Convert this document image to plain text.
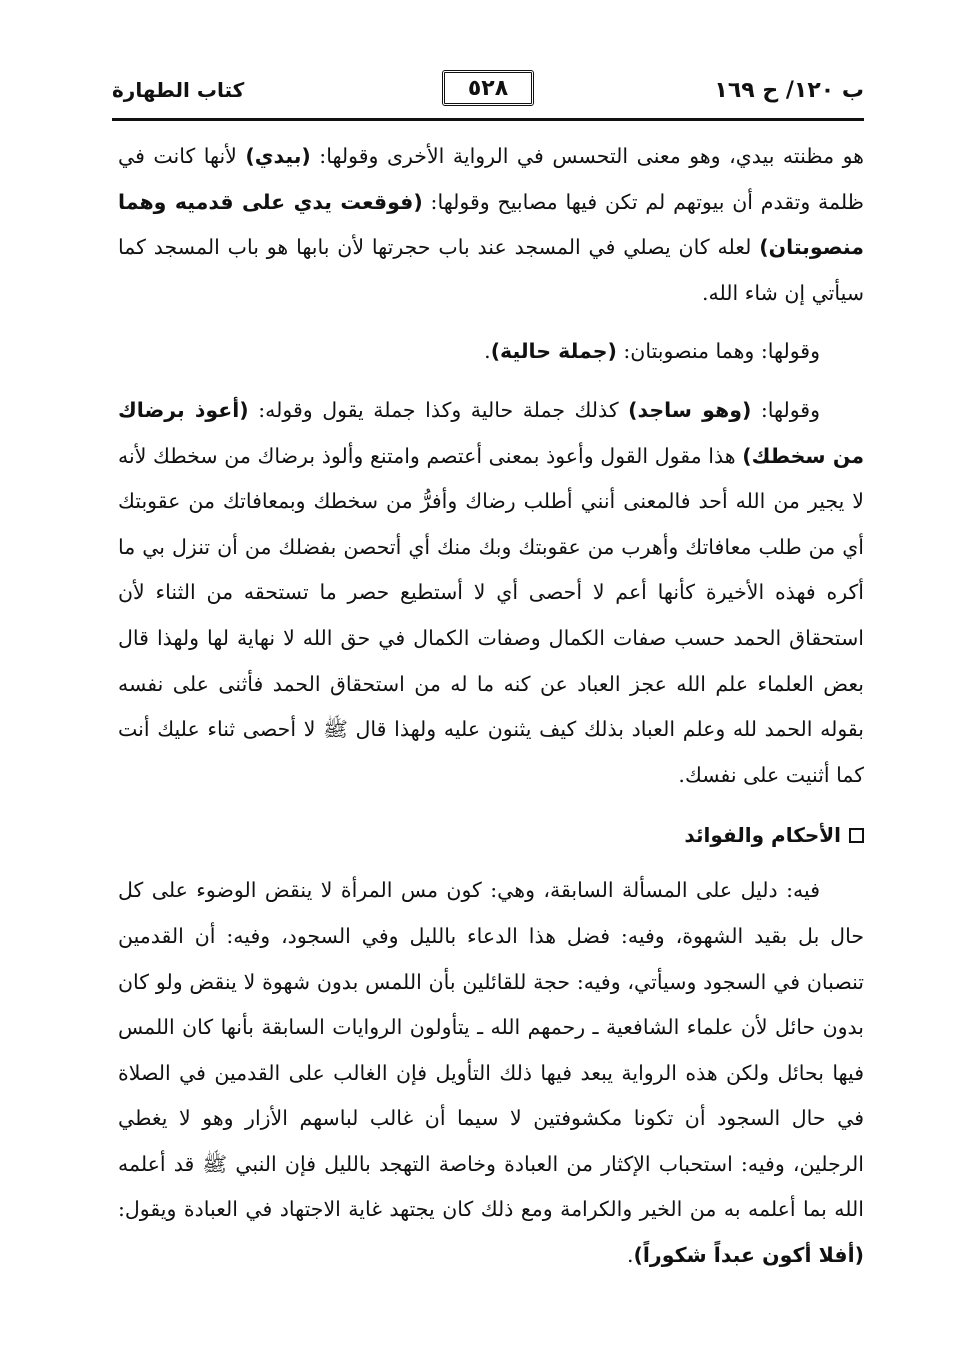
ب ١٢٠/ ح ١٦٩
٥٢٨
كتاب الطهارة

هو مظنته بيدي، وهو معنى التحسس في الرواية الأخرى وقولها: (بيدي) لأنها كانت في ظلمة وتقدم أن بيوتهم لم تكن فيها مصابيح وقولها: (فوقعت يدي على قدميه وهما منصوبتان) لعله كان يصلي في المسجد عند باب حجرتها لأن بابها هو باب المسجد كما سيأتي إن شاء الله.

وقولها: وهما منصوبتان: (جملة حالية).

وقولها: (وهو ساجد) كذلك جملة حالية وكذا جملة يقول وقوله: (أعوذ برضاك من سخطك) هذا مقول القول وأعوذ بمعنى أعتصم وامتنع وألوذ برضاك من سخطك لأنه لا يجير من الله أحد فالمعنى أنني أطلب رضاك وأفرُّ من سخطك وبمعافاتك من عقوبتك أي من طلب معافاتك وأهرب من عقوبتك وبك منك أي أتحصن بفضلك من أن تنزل بي ما أكره فهذه الأخيرة كأنها أعم لا أحصى أي لا أستطيع حصر ما تستحقه من الثناء لأن استحقاق الحمد حسب صفات الكمال وصفات الكمال في حق الله لا نهاية لها ولهذا قال بعض العلماء علم الله عجز العباد عن كنه ما له من استحقاق الحمد فأثنى على نفسه بقوله الحمد لله وعلم العباد بذلك كيف يثنون عليه ولهذا قال ﷺ لا أحصى ثناء عليك أنت كما أثنيت على نفسك.

الأحكام والفوائد

فيه: دليل على المسألة السابقة، وهي: كون مس المرأة لا ينقض الوضوء على كل حال بل بقيد الشهوة، وفيه: فضل هذا الدعاء بالليل وفي السجود، وفيه: أن القدمين تنصبان في السجود وسيأتي، وفيه: حجة للقائلين بأن اللمس بدون شهوة لا ينقض ولو كان بدون حائل لأن علماء الشافعية ـ رحمهم الله ـ يتأولون الروايات السابقة بأنها كان اللمس فيها بحائل ولكن هذه الرواية يبعد فيها ذلك التأويل فإن الغالب على القدمين في الصلاة في حال السجود أن تكونا مكشوفتين لا سيما أن غالب لباسهم الأزار وهو لا يغطي الرجلين، وفيه: استحباب الإكثار من العبادة وخاصة التهجد بالليل فإن النبي ﷺ قد أعلمه الله بما أعلمه به من الخير والكرامة ومع ذلك كان يجتهد غاية الاجتهاد في العبادة ويقول: (أفلا أكون عبداً شكوراً).
